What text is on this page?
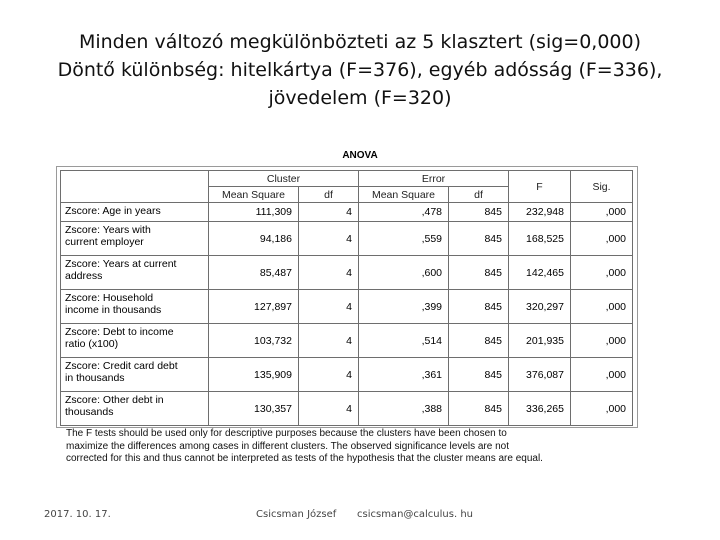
Minden változó megkülönbözteti az 5 klasztert (sig=0,000)
Döntő különbség: hitelkártya (F=376), egyéb adósság (F=336),
jövedelem (F=320)
ANOVA
	Cluster		Error		F	Sig.
	Mean Square	df	Mean Square	df		

Zscore: Age in years	111,309	4	,478	845	232,948	,000

Zscore: Years with
current employer	94,186	4	,559	845	168,525	,000

Zscore: Years at current
address	85,487	4	,600	845	142,465	,000

Zscore: Household
income in thousands	127,897	4	,399	845	320,297	,000

Zscore: Debt to income
ratio (x100)	103,732	4	,514	845	201,935	,000

Zscore: Credit card debt
in thousands	135,909	4	,361	845	376,087	,000

Zscore: Other debt in
thousands	130,357	4	,388	845	336,265	,000
The F tests should be used only for descriptive purposes because the clusters have been chosen to
maximize the differences among cases in different clusters. The observed significance levels are not
corrected for this and thus cannot be interpreted as tests of the hypothesis that the cluster means are equal.
2017. 10. 17.	Csicsman József csicsman@calculus. hu
